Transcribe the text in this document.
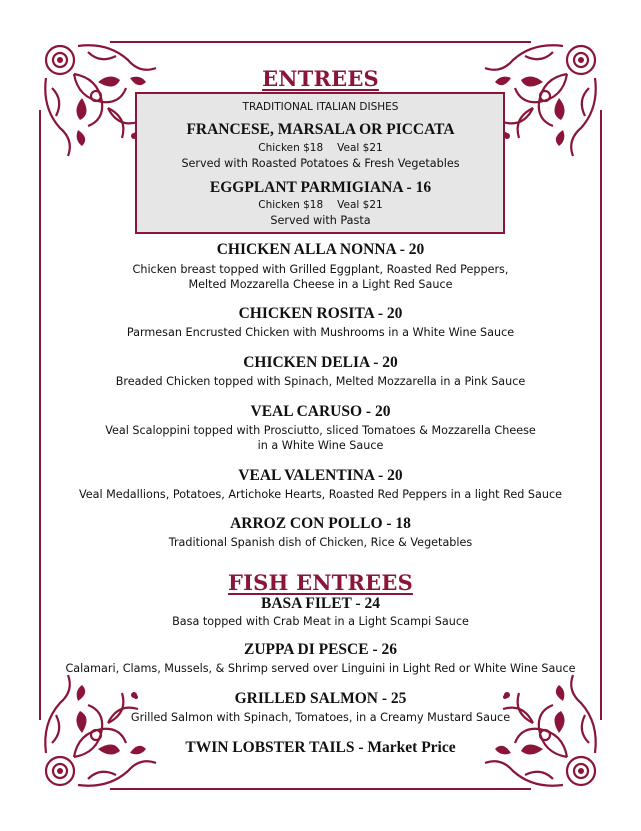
ENTREES
TRADITIONAL ITALIAN DISHES
FRANCESE, MARSALA OR PICCATA
Chicken $18 Veal $21
Served with Roasted Potatoes & Fresh Vegetables
EGGPLANT PARMIGIANA - 16
Chicken $18 Veal $21
Served with Pasta
CHICKEN ALLA NONNA - 20
Chicken breast topped with Grilled Eggplant, Roasted Red Peppers,
Melted Mozzarella Cheese in a Light Red Sauce
CHICKEN ROSITA - 20
Parmesan Encrusted Chicken with Mushrooms in a White Wine Sauce
CHICKEN DELIA - 20
Breaded Chicken topped with Spinach, Melted Mozzarella in a Pink Sauce
VEAL CARUSO - 20
Veal Scaloppini topped with Prosciutto, sliced Tomatoes & Mozzarella Cheese
in a White Wine Sauce
VEAL VALENTINA - 20
Veal Medallions, Potatoes, Artichoke Hearts, Roasted Red Peppers in a light Red Sauce
ARROZ CON POLLO - 18
Traditional Spanish dish of Chicken, Rice & Vegetables
FISH ENTREES
BASA FILET - 24
Basa topped with Crab Meat in a Light Scampi Sauce
ZUPPA DI PESCE - 26
Calamari, Clams, Mussels, & Shrimp served over Linguini in Light Red or White Wine Sauce
GRILLED SALMON - 25
Grilled Salmon with Spinach, Tomatoes, in a Creamy Mustard Sauce
TWIN LOBSTER TAILS - Market Price
